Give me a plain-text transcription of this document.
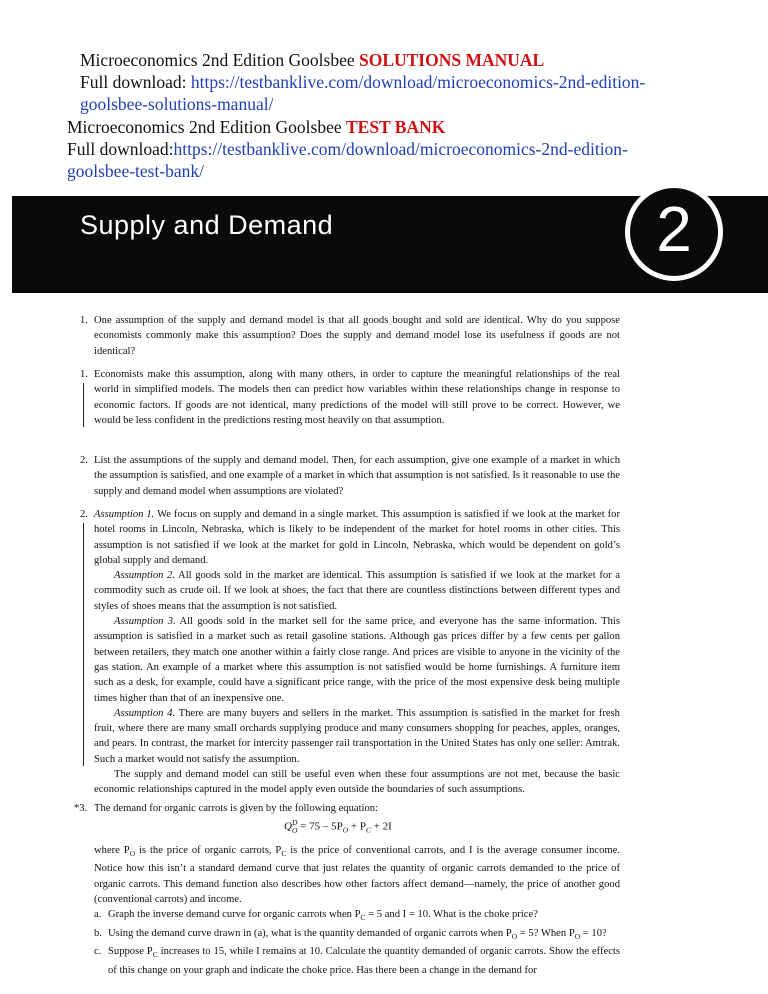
Microeconomics 2nd Edition Goolsbee SOLUTIONS MANUAL
Full download: https://testbanklive.com/download/microeconomics-2nd-edition-
goolsbee-solutions-manual/
Microeconomics 2nd Edition Goolsbee TEST BANK
Full download:https://testbanklive.com/download/microeconomics-2nd-edition-
goolsbee-test-bank/
Supply and Demand	2
1. One assumption of the supply and demand model is that all goods bought and sold are identical. Why do you suppose economists commonly make this assumption? Does the supply and demand model lose its usefulness if goods are not identical?

1. Economists make this assumption, along with many others, in order to capture the meaningful relationships of the real world in simplified models. The models then can predict how variables within these relationships change in response to economic factors. If goods are not identical, many predictions of the model will still prove to be correct. However, we would be less confident in the predictions resting most heavily on that assumption.

2. List the assumptions of the supply and demand model. Then, for each assumption, give one example of a market in which the assumption is satisfied, and one example of a market in which that assumption is not satisfied. Is it reasonable to use the supply and demand model when assumptions are violated?

2. Assumption 1. We focus on supply and demand in a single market. This assumption is satisfied if we look at the market for hotel rooms in Lincoln, Nebraska, which is likely to be independent of the market for hotel rooms in other cities. This assumption is not satisfied if we look at the market for gold in Lincoln, Nebraska, which would be dependent on gold’s global supply and demand.

Assumption 2. All goods sold in the market are identical. This assumption is satisfied if we look at the market for a commodity such as crude oil. If we look at shoes, the fact that there are countless distinctions between different types and styles of shoes means that the assumption is not satisfied.

Assumption 3. All goods sold in the market sell for the same price, and everyone has the same information. This assumption is satisfied in a market such as retail gasoline stations. Although gas prices differ by a few cents per gallon between retailers, they match one another within a fairly close range. And prices are visible to anyone in the vicinity of the gas station. An example of a market where this assumption is not satisfied would be home furnishings. A furniture item such as a desk, for example, could have a significant price range, with the price of the most expensive desk being multiple times higher than that of an inexpensive one.

Assumption 4. There are many buyers and sellers in the market. This assumption is satisfied in the market for fresh fruit, where there are many small orchards supplying produce and many consumers shopping for peaches, apples, oranges, and pears. In contrast, the market for intercity passenger rail transportation in the United States has only one seller: Amtrak. Such a market would not satisfy the assumption.

The supply and demand model can still be useful even when these four assumptions are not met, because the basic economic relationships captured in the model apply even outside the boundaries of such assumptions.

*3. The demand for organic carrots is given by the following equation:

Q D
$O = 75 - 5P_O + P_C + 2I$

where $P_O$ is the price of organic carrots, $P_C$ is the price of conventional carrots, and I is the average consumer income. Notice how this isn’t a standard demand curve that just relates the quantity of organic carrots demanded to the price of organic carrots. This demand function also describes how other factors affect demand—namely, the price of another good (conventional carrots) and income.

a. Graph the inverse demand curve for organic carrots when $P_C = 5$ and I = 10. What is the choke price?
b. Using the demand curve drawn in (a), what is the quantity demanded of organic carrots when $P_O = 5$? When $P_O = 10$?
c. Suppose $P_C$ increases to 15, while I remains at 10. Calculate the quantity demanded of organic carrots. Show the effects of this change on your graph and indicate the choke price. Has there been a change in the demand for
